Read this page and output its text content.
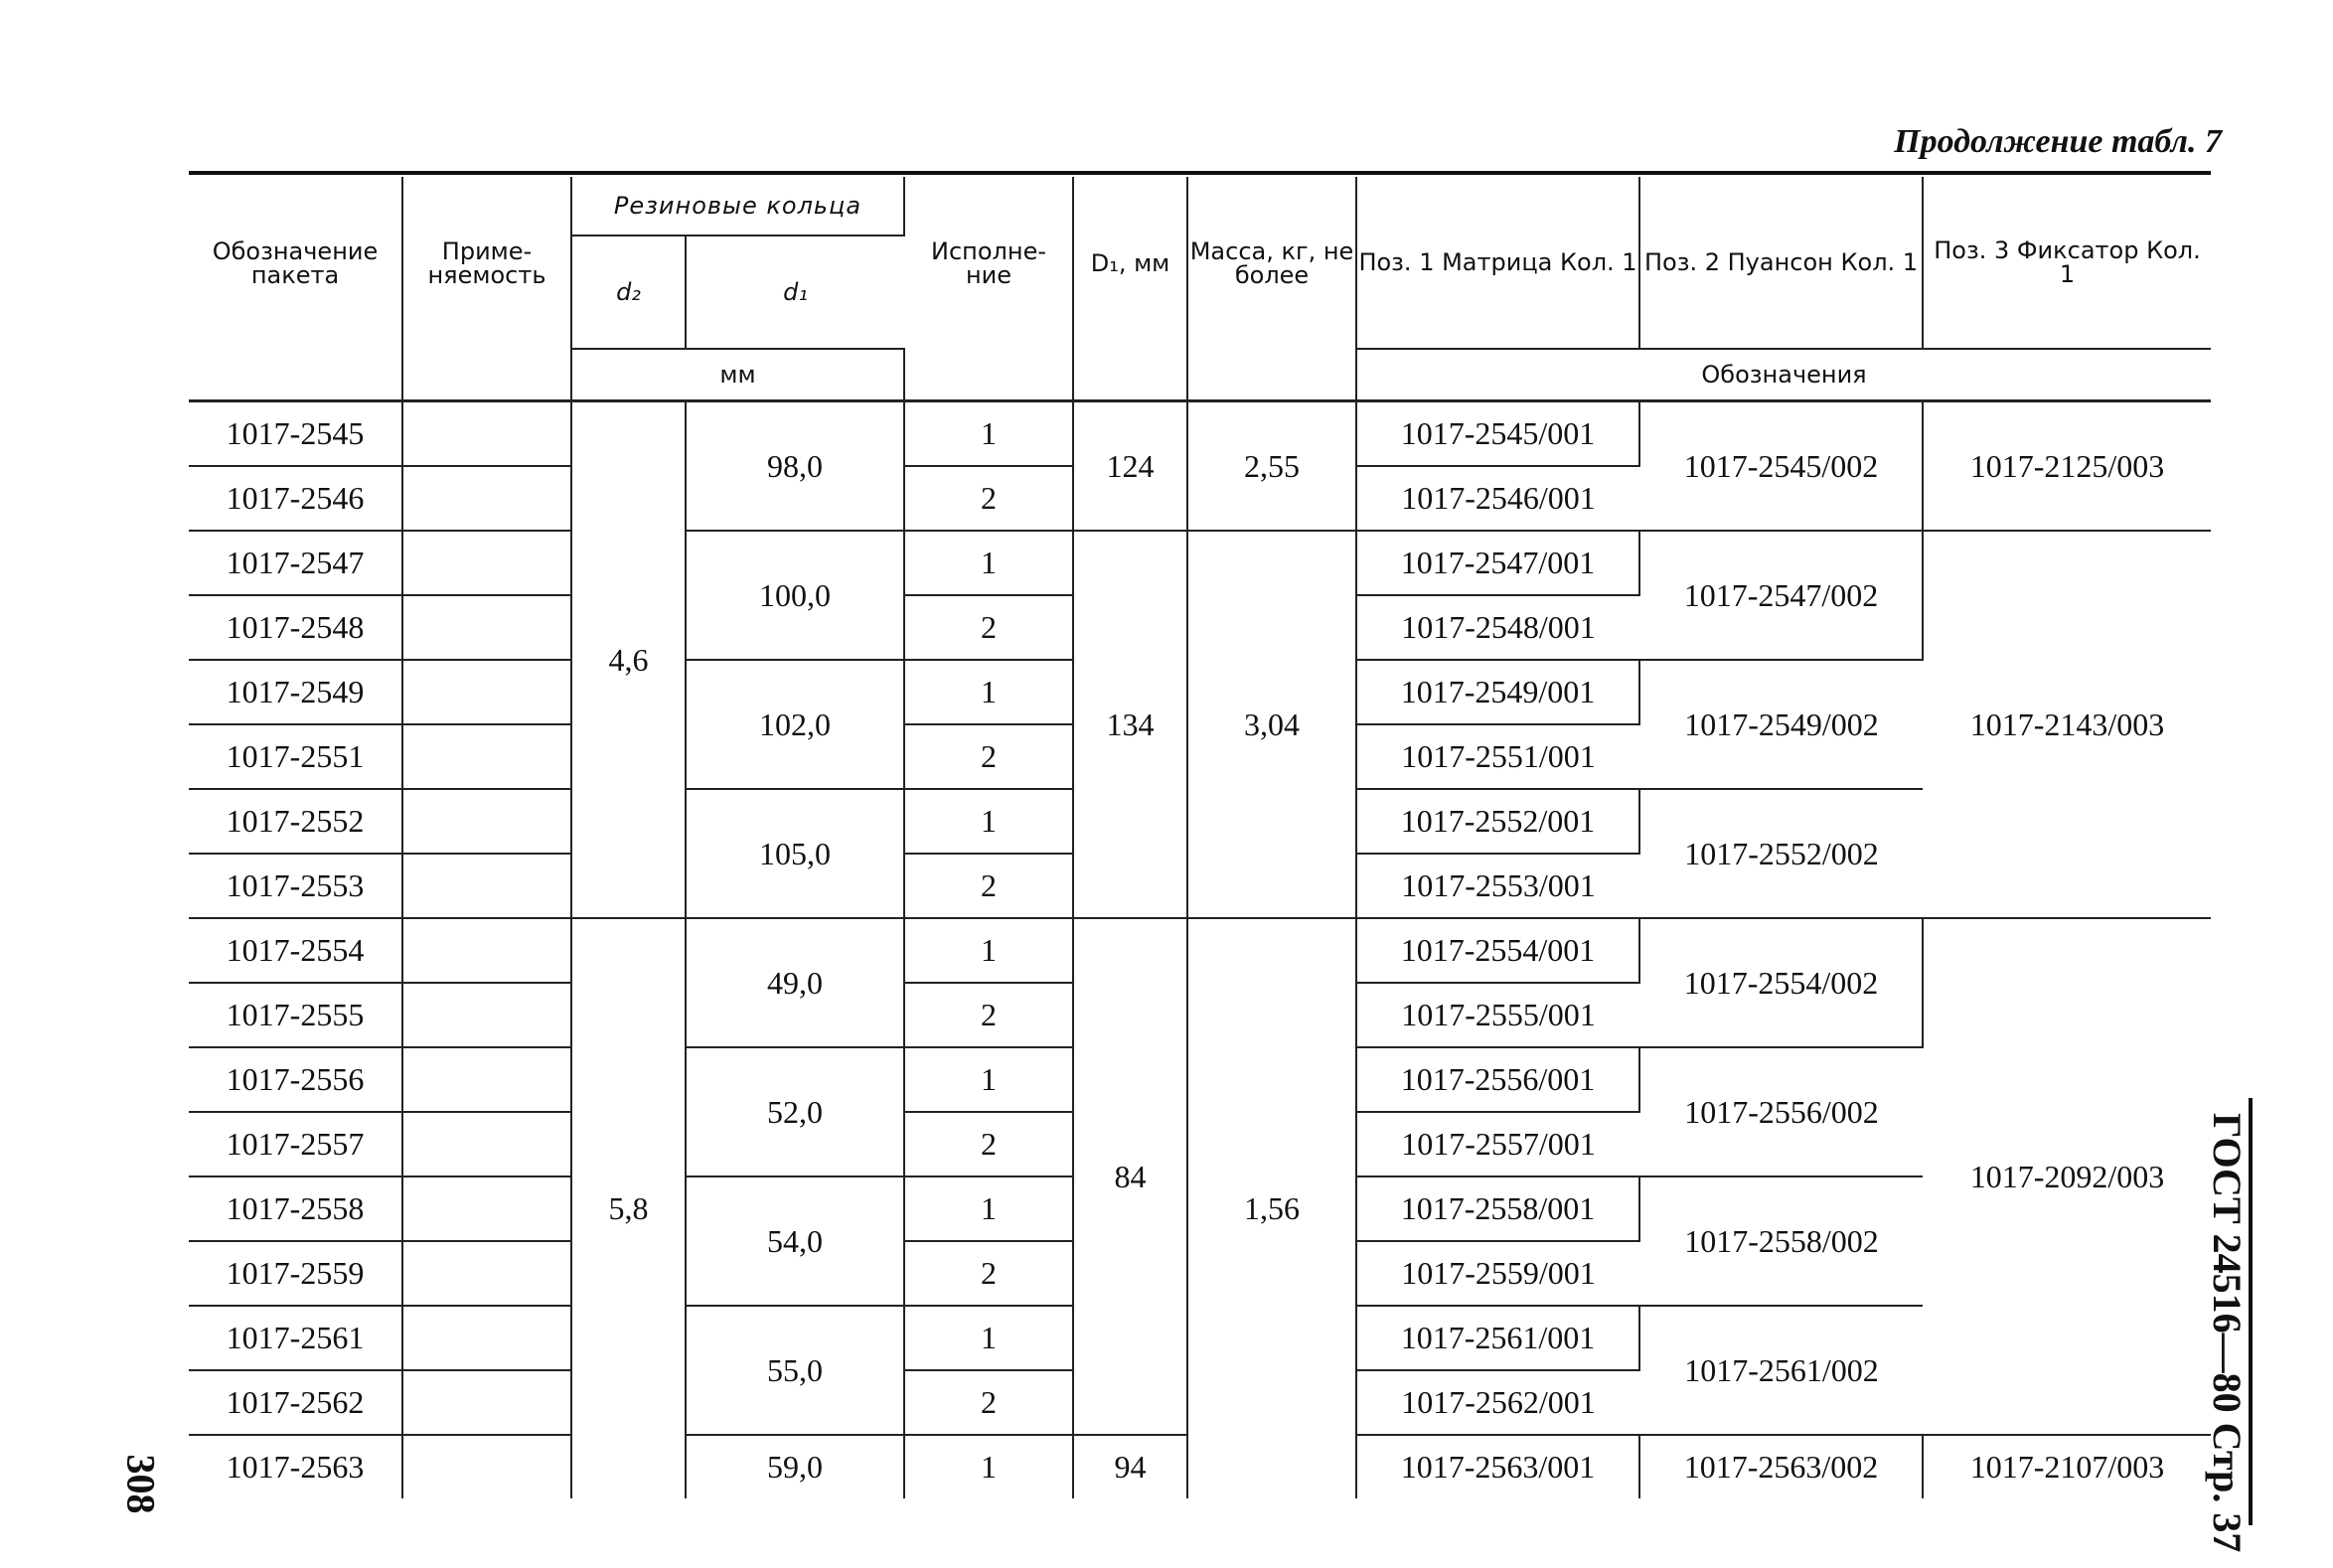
Продолжение табл. 7
308	ГОСТ 24516—80 Стр. 37
Обозначение пакета	Приме- няемость	Резиновые кольца		Исполне- ние	D₁, мм	Масса, кг, не более	Поз. 1 Матрица Кол. 1	Поз. 2 Пуансон Кол. 1	Поз. 3 Фиксатор Кол. 1
		d₂	d₁						
		мм					Обозначения		
1017-2545		4,6	98,0	1	124	2,55	1017-2545/001	1017-2545/002	1017-2125/003
1017-2546				2			1017-2546/001		
1017-2547			100,0	1	134	3,04	1017-2547/001	1017-2547/002	1017-2143/003
1017-2548				2			1017-2548/001		
1017-2549			102,0	1			1017-2549/001	1017-2549/002	
1017-2551				2			1017-2551/001		
1017-2552			105,0	1			1017-2552/001	1017-2552/002	
1017-2553				2			1017-2553/001		
1017-2554		5,8	49,0	1	84	1,56	1017-2554/001	1017-2554/002	1017-2092/003
1017-2555				2			1017-2555/001		
1017-2556			52,0	1			1017-2556/001	1017-2556/002	
1017-2557				2			1017-2557/001		
1017-2558			54,0	1			1017-2558/001	1017-2558/002	
1017-2559				2			1017-2559/001		
1017-2561			55,0	1			1017-2561/001	1017-2561/002	
1017-2562				2			1017-2562/001		
1017-2563			59,0	1	94		1017-2563/001	1017-2563/002	1017-2107/003
